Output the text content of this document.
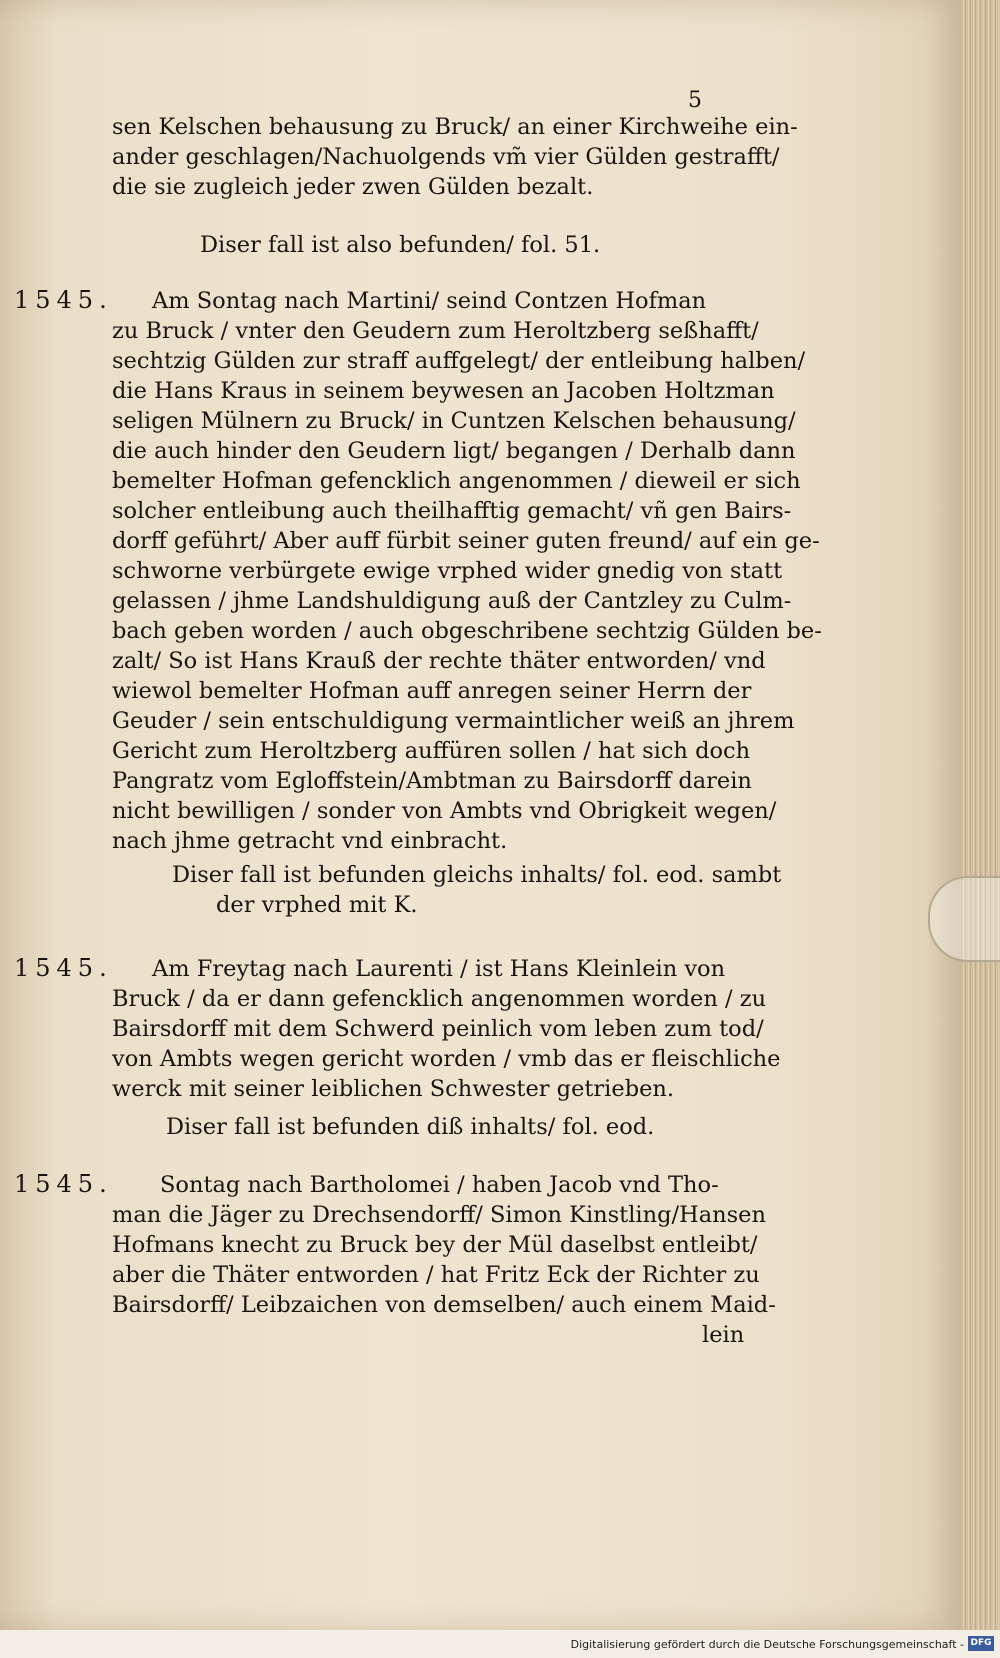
5
sen Kelschen behausung zu Bruck/ an einer Kirchweihe ein-
ander geschlagen/Nachuolgends vm̃ vier Gülden gestrafft/
die sie zugleich jeder zwen Gülden bezalt.
Diser fall ist also befunden/ fol. 51.
1545.	Am Sontag nach Martini/ seind Contzen Hofman
zu Bruck / vnter den Geudern zum Heroltzberg seßhafft/
sechtzig Gülden zur straff auffgelegt/ der entleibung halben/
die Hans Kraus in seinem beywesen an Jacoben Holtzman
seligen Mülnern zu Bruck/ in Cuntzen Kelschen behausung/
die auch hinder den Geudern ligt/ begangen / Derhalb dann
bemelter Hofman gefencklich angenommen / dieweil er sich
solcher entleibung auch theilhafftig gemacht/ vñ gen Bairs-
dorff geführt/ Aber auff fürbit seiner guten freund/ auf ein ge-
schworne verbürgete ewige vrphed wider gnedig von statt
gelassen / jhme Landshuldigung auß der Cantzley zu Culm-
bach geben worden / auch obgeschribene sechtzig Gülden be-
zalt/ So ist Hans Krauß der rechte thäter entworden/ vnd
wiewol bemelter Hofman auff anregen seiner Herrn der
Geuder / sein entschuldigung vermaintlicher weiß an jhrem
Gericht zum Heroltzberg auffüren sollen / hat sich doch
Pangratz vom Egloffstein/Ambtman zu Bairsdorff darein
nicht bewilligen / sonder von Ambts vnd Obrigkeit wegen/
nach jhme getracht vnd einbracht.
Diser fall ist befunden gleichs inhalts/ fol. eod. sambt
der vrphed mit K.
1545.	Am Freytag nach Laurenti / ist Hans Kleinlein von
Bruck / da er dann gefencklich angenommen worden / zu
Bairsdorff mit dem Schwerd peinlich vom leben zum tod/
von Ambts wegen gericht worden / vmb das er fleischliche
werck mit seiner leiblichen Schwester getrieben.
Diser fall ist befunden diß inhalts/ fol. eod.
1545.	Sontag nach Bartholomei / haben Jacob vnd Tho-
man die Jäger zu Drechsendorff/ Simon Kinstling/Hansen
Hofmans knecht zu Bruck bey der Mül daselbst entleibt/
aber die Thäter entworden / hat Fritz Eck der Richter zu
Bairsdorff/ Leibzaichen von demselben/ auch einem Maid-
lein
Digitalisierung gefördert durch die Deutsche Forschungsgemeinschaft - DFG
